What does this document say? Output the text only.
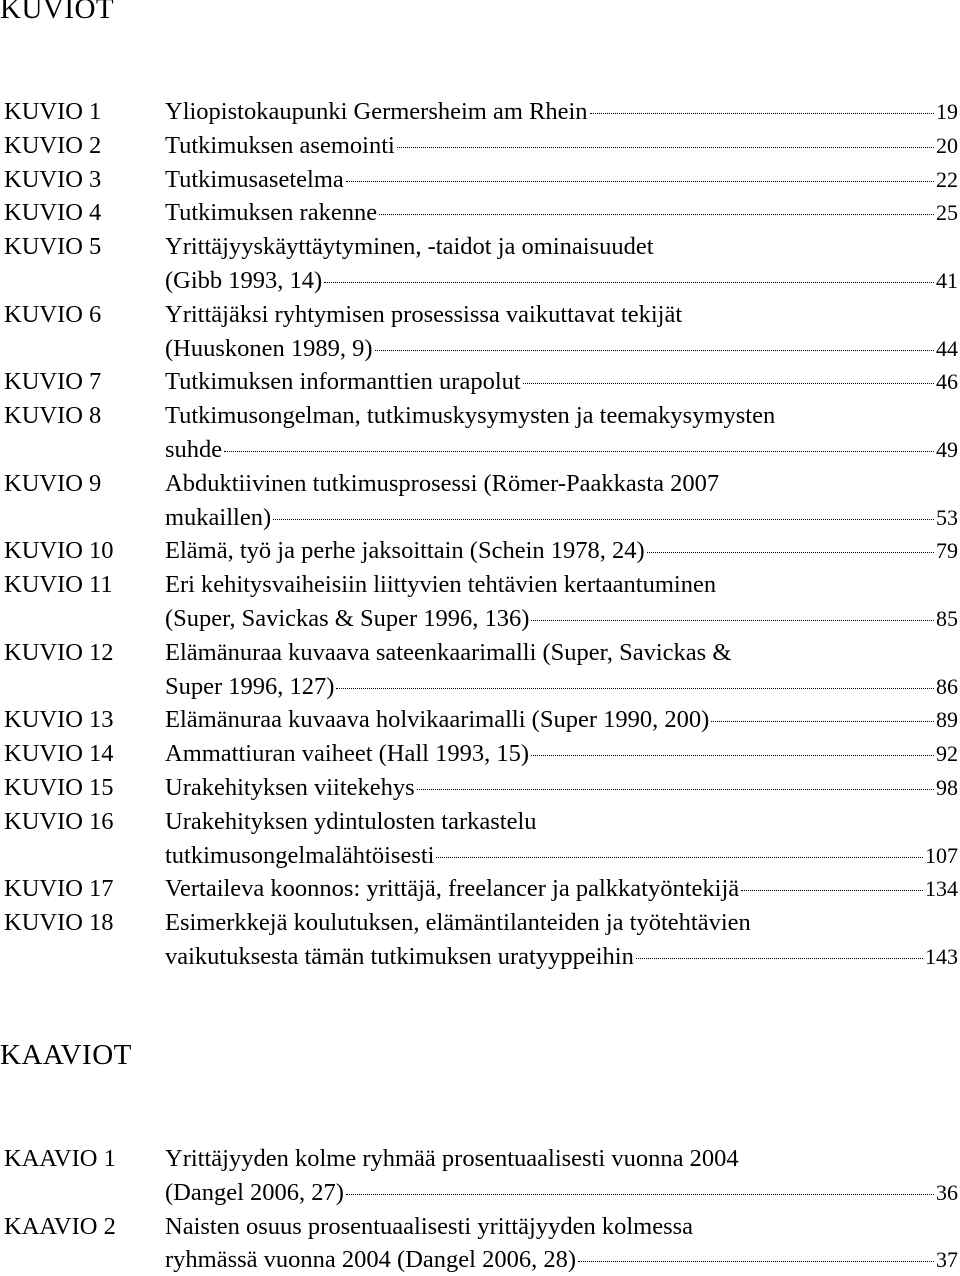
KUVIOT
KUVIO 1	Yliopistokaupunki Germersheim am Rhein	19
KUVIO 2	Tutkimuksen asemointi	20
KUVIO 3	Tutkimusasetelma	22
KUVIO 4	Tutkimuksen rakenne	25
KUVIO 5	Yrittäjyyskäyttäytyminen, -taidot ja ominaisuudet
(Gibb 1993, 14)	41
KUVIO 6	Yrittäjäksi ryhtymisen prosessissa vaikuttavat tekijät
(Huuskonen 1989, 9)	44
KUVIO 7	Tutkimuksen informanttien urapolut	46
KUVIO 8	Tutkimusongelman, tutkimuskysymysten ja teemakysymysten
suhde	49
KUVIO 9	Abduktiivinen tutkimusprosessi (Römer-Paakkasta 2007
mukaillen)	53
KUVIO 10 Elämä, työ ja perhe jaksoittain (Schein 1978, 24)	79
KUVIO 11 Eri kehitysvaiheisiin liittyvien tehtävien kertaantuminen
(Super, Savickas & Super 1996, 136)	85
KUVIO 12 Elämänuraa kuvaava sateenkaarimalli (Super, Savickas &
Super 1996, 127)	86
KUVIO 13 Elämänuraa kuvaava holvikaarimalli (Super 1990, 200)	89
KUVIO 14 Ammattiuran vaiheet (Hall 1993, 15)	92
KUVIO 15 Urakehityksen viitekehys	98
KUVIO 16 Urakehityksen ydintulosten tarkastelu
tutkimusongelmalähtöisesti	107
KUVIO 17 Vertaileva koonnos: yrittäjä, freelancer ja palkkatyöntekijä	134
KUVIO 18 Esimerkkejä koulutuksen, elämäntilanteiden ja työtehtävien
vaikutuksesta tämän tutkimuksen uratyyppeihin	143
KAAVIOT
KAAVIO 1 Yrittäjyyden kolme ryhmää prosentuaalisesti vuonna 2004
(Dangel 2006, 27)	36
KAAVIO 2 Naisten osuus prosentuaalisesti yrittäjyyden kolmessa
ryhmässä vuonna 2004 (Dangel 2006, 28)	37
